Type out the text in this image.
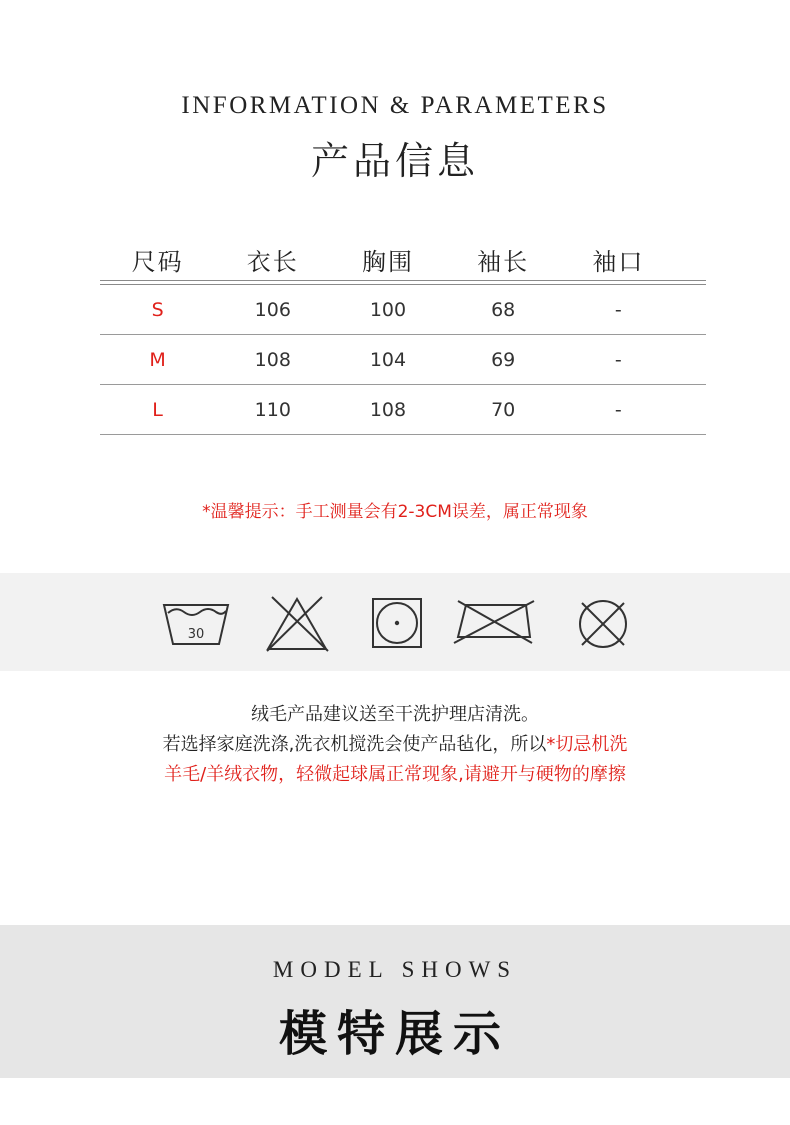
INFORMATION & PARAMETERS
产品信息
尺码	衣长	胸围	袖长	袖口
S	106	100	68	-
M	108	104	69	-
L	110	108	70	-
*温馨提示：手工测量会有2-3CM误差，属正常现象
30
绒毛产品建议送至干洗护理店清洗。
若选择家庭洗涤,洗衣机搅洗会使产品毡化，所以*切忌机洗
羊毛/羊绒衣物，轻微起球属正常现象,请避开与硬物的摩擦
MODEL SHOWS
模特展示
